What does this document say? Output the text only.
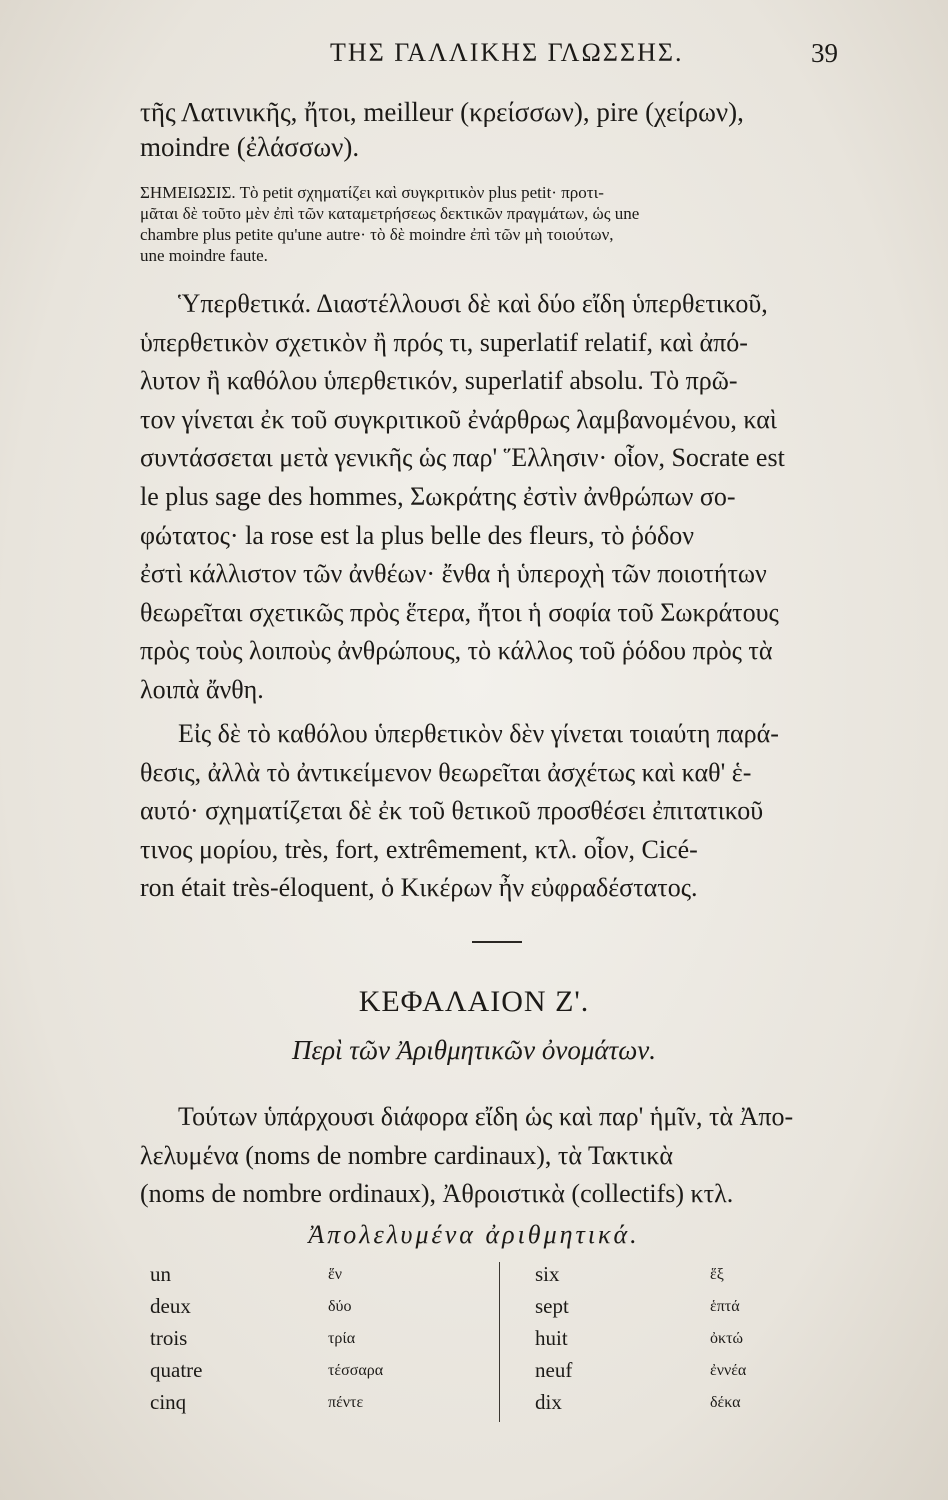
ΤΗΣ ΓΑΛΛΙΚΗΣ ΓΛΩΣΣΗΣ.	39
τῆς Λατινικῆς, ἤτοι, meilleur (κρείσσων), pire (χείρων),
moindre (ἐλάσσων).
ΣΗΜΕΙΩΣΙΣ. Τὸ petit σχηματίζει καὶ συγκριτικὸν plus petit· προτι-
μᾶται δὲ τοῦτο μὲν ἐπὶ τῶν καταμετρήσεως δεκτικῶν πραγμάτων, ὡς une
chambre plus petite qu'une autre· τὸ δὲ moindre ἐπὶ τῶν μὴ τοιούτων,
une moindre faute.
Ὑπερθετικά. Διαστέλλουσι δὲ καὶ δύο εἴδη ὑπερθετικοῦ,
ὑπερθετικὸν σχετικὸν ἢ πρός τι, superlatif relatif, καὶ ἀπό-
λυτον ἢ καθόλου ὑπερθετικόν, superlatif absolu. Τὸ πρῶ-
τον γίνεται ἐκ τοῦ συγκριτικοῦ ἐνάρθρως λαμβανομένου, καὶ
συντάσσεται μετὰ γενικῆς ὡς παρ' Ἕλλησιν· οἷον, Socrate est
le plus sage des hommes, Σωκράτης ἐστὶν ἀνθρώπων σο-
φώτατος· la rose est la plus belle des fleurs, τὸ ῥόδον
ἐστὶ κάλλιστον τῶν ἀνθέων· ἔνθα ἡ ὑπεροχὴ τῶν ποιοτήτων
θεωρεῖται σχετικῶς πρὸς ἕτερα, ἤτοι ἡ σοφία τοῦ Σωκράτους
πρὸς τοὺς λοιποὺς ἀνθρώπους, τὸ κάλλος τοῦ ῥόδου πρὸς τὰ
λοιπὰ ἄνθη.
Εἰς δὲ τὸ καθόλου ὑπερθετικὸν δὲν γίνεται τοιαύτη παρά-
θεσις, ἀλλὰ τὸ ἀντικείμενον θεωρεῖται ἀσχέτως καὶ καθ' ἑ-
αυτό· σχηματίζεται δὲ ἐκ τοῦ θετικοῦ προσθέσει ἐπιτατικοῦ
τινος μορίου, très, fort, extrêmement, κτλ. οἷον, Cicé-
ron était très-éloquent, ὁ Κικέρων ἦν εὐφραδέστατος.
ΚΕΦΑΛΑΙΟΝ Ζ'.
Περὶ τῶν Ἀριθμητικῶν ὀνομάτων.
Τούτων ὑπάρχουσι διάφορα εἴδη ὡς καὶ παρ' ἡμῖν, τὰ Ἀπο-
λελυμένα (noms de nombre cardinaux), τὰ Τακτικὰ
(noms de nombre ordinaux), Ἀθροιστικὰ (collectifs) κτλ.
Ἀπολελυμένα ἀριθμητικά.
un	ἕν	six	ἕξ
deux	δύο	sept	ἑπτά
trois	τρία	huit	ὀκτώ
quatre	τέσσαρα	neuf	ἐννέα
cinq	πέντε	dix	δέκα
